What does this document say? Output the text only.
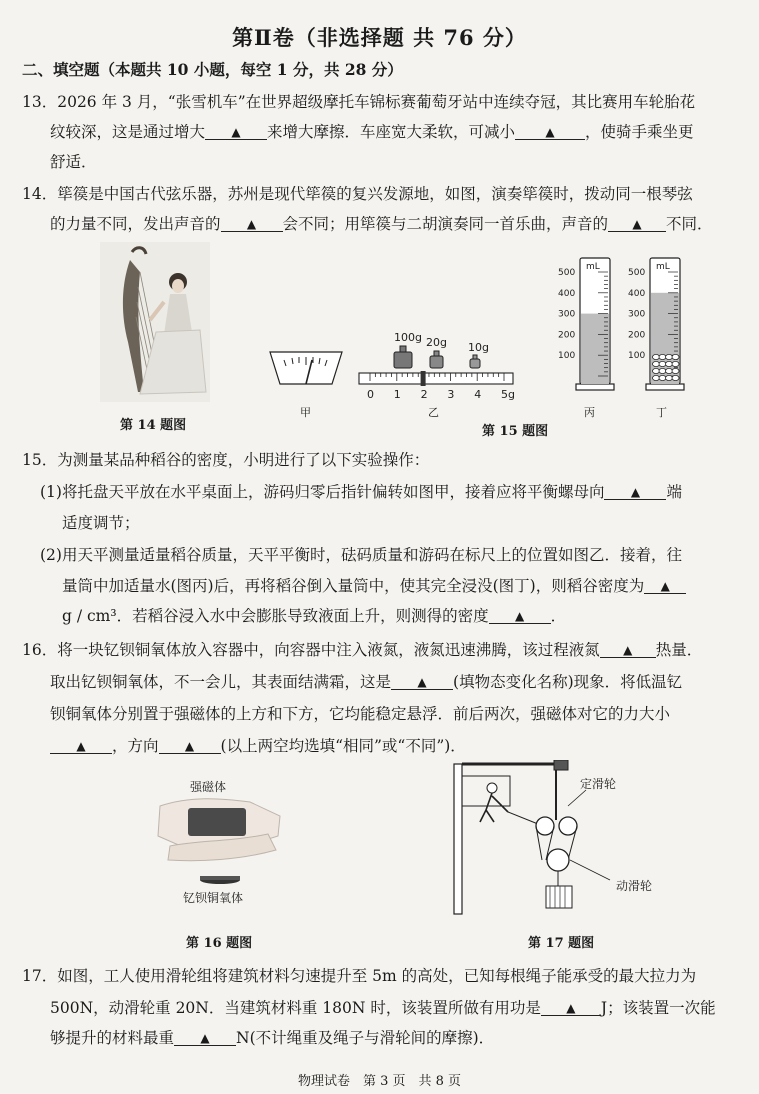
第Ⅱ卷（非选择题 共 76 分）
二、填空题（本题共 10 小题，每空 1 分，共 28 分）
13．2026 年 3 月，“张雪机车”在世界超级摩托车锦标赛葡萄牙站中连续夺冠，其比赛用车轮胎花
纹较深，这是通过增大 ▲ 来增大摩擦．车座宽大柔软，可减小	▲ ，使骑手乘坐更
舒适．
14．筚篌是中国古代弦乐器，苏州是现代筚篌的复兴发源地，如图，演奏筚篌时，拨动同一根琴弦
的力量不同，发出声音的 ▲ 会不同；用筚篌与二胡演奏同一首乐曲，声音的 ▲ 不同．
第 14 题图
甲
100g 20g 10g
0 1 2 3 4 5g
乙
第 15 题图
500
400
300
200
100
mL
500
400
300
200
100
mL
丙	丁
15．为测量某品种稻谷的密度，小明进行了以下实验操作：
(1)将托盘天平放在水平桌面上，游码归零后指针偏转如图甲，接着应将平衡螺母向 ▲ 端
适度调节；
(2)用天平测量适量稻谷质量，天平平衡时，砝码质量和游码在标尺上的位置如图乙．接着，往
量筒中加适量水(图丙)后，再将稻谷倒入量筒中，使其完全浸没(图丁)，则稻谷密度为 ▲
g / cm³．若稻谷浸入水中会膨胀导致液面上升，则测得的密度 ▲ ．
16．将一块钇钡铜氧体放入容器中，向容器中注入液氮，液氮迅速沸腾，该过程液氮 ▲ 热量．
取出钇钡铜氧体，不一会儿，其表面结满霜，这是 ▲ (填物态变化名称)现象．将低温钇
钡铜氧体分别置于强磁体的上方和下方，它均能稳定悬浮．前后两次，强磁体对它的力大小
▲ ，方向 ▲ (以上两空均选填“相同”或“不同”)．
强磁体
钇钡铜氧体
第 16 题图
定滑轮
动滑轮
第 17 题图
17．如图，工人使用滑轮组将建筑材料匀速提升至 5m 的高处，已知每根绳子能承受的最大拉力为
500N，动滑轮重 20N．当建筑材料重 180N 时，该装置所做有用功是 ▲ J；该装置一次能
够提升的材料最重 ▲ N(不计绳重及绳子与滑轮间的摩擦)．
物理试卷　第 3 页　共 8 页
